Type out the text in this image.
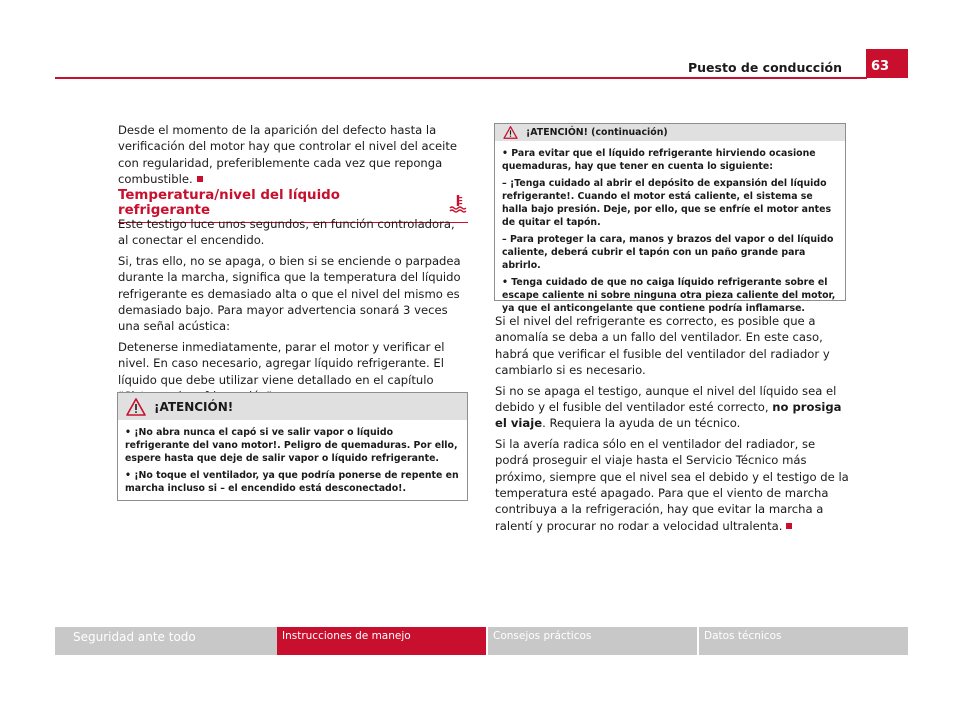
Puesto de conducción	63
Desde el momento de la aparición del defecto hasta la verificación del motor hay que controlar el nivel del aceite con regularidad, preferiblemente cada vez que reponga combustible.
Temperatura/nivel del líquido refrigerante

Este testigo luce unos segundos, en función controladora, al conectar el encendido.

Si, tras ello, no se apaga, o bien si se enciende o parpadea durante la marcha, significa que la temperatura del líquido refrigerante es demasiado alta o que el nivel del mismo es demasiado bajo. Para mayor advertencia sonará 3 veces una señal acústica:

Detenerse inmediatamente, parar el motor y verificar el nivel. En caso necesario, agregar líquido refrigerante. El líquido que debe utilizar viene detallado en el capítulo

¡ATENCIÓN!

• ¡No abra nunca el capó si ve salir vapor o líquido refrigerante del vano motor!. Peligro de quemaduras. Por ello, espere hasta que deje de salir vapor o líquido refrigerante.

• ¡No toque el ventilador, ya que podría ponerse de repente en marcha incluso si – el encendido está desconectado!.

¡ATENCIÓN! (continuación)

• Para evitar que el líquido refrigerante hirviendo ocasione quemaduras, hay que tener en cuenta lo siguiente:

– ¡Tenga cuidado al abrir el depósito de expansión del líquido refrigerante!. Cuando el motor está caliente, el sistema se halla bajo presión. Deje, por ello, que se enfríe el motor antes de quitar el tapón.

– Para proteger la cara, manos y brazos del vapor o del líquido caliente, deberá cubrir el tapón con un paño grande para abrirlo.

• Tenga cuidado de que no caiga líquido refrigerante sobre el escape caliente ni sobre ninguna otra pieza caliente del motor, ya que el anticongelante que contiene podría inflamarse.

Si el nivel del refrigerante es correcto, es posible que a anomalía se deba a un fallo del ventilador. En este caso, habrá que verificar el fusible del ventilador del radiador y cambiarlo si es necesario.

Si no se apaga el testigo, aunque el nivel del líquido sea el debido y el fusible del ventilador esté correcto, no prosiga el viaje. Requiera la ayuda de un técnico.

Si la avería radica sólo en el ventilador del radiador, se podrá proseguir el viaje hasta el Servicio Técnico más próximo, siempre que el nivel sea el debido y el testigo de la temperatura esté apagado. Para que el viento de marcha contribuya a la refrigeración, hay que evitar la marcha a ralentí y procurar no rodar a velocidad ultralenta.

Seguridad ante todo	Instrucciones de manejo	Consejos prácticos	Datos técnicos
